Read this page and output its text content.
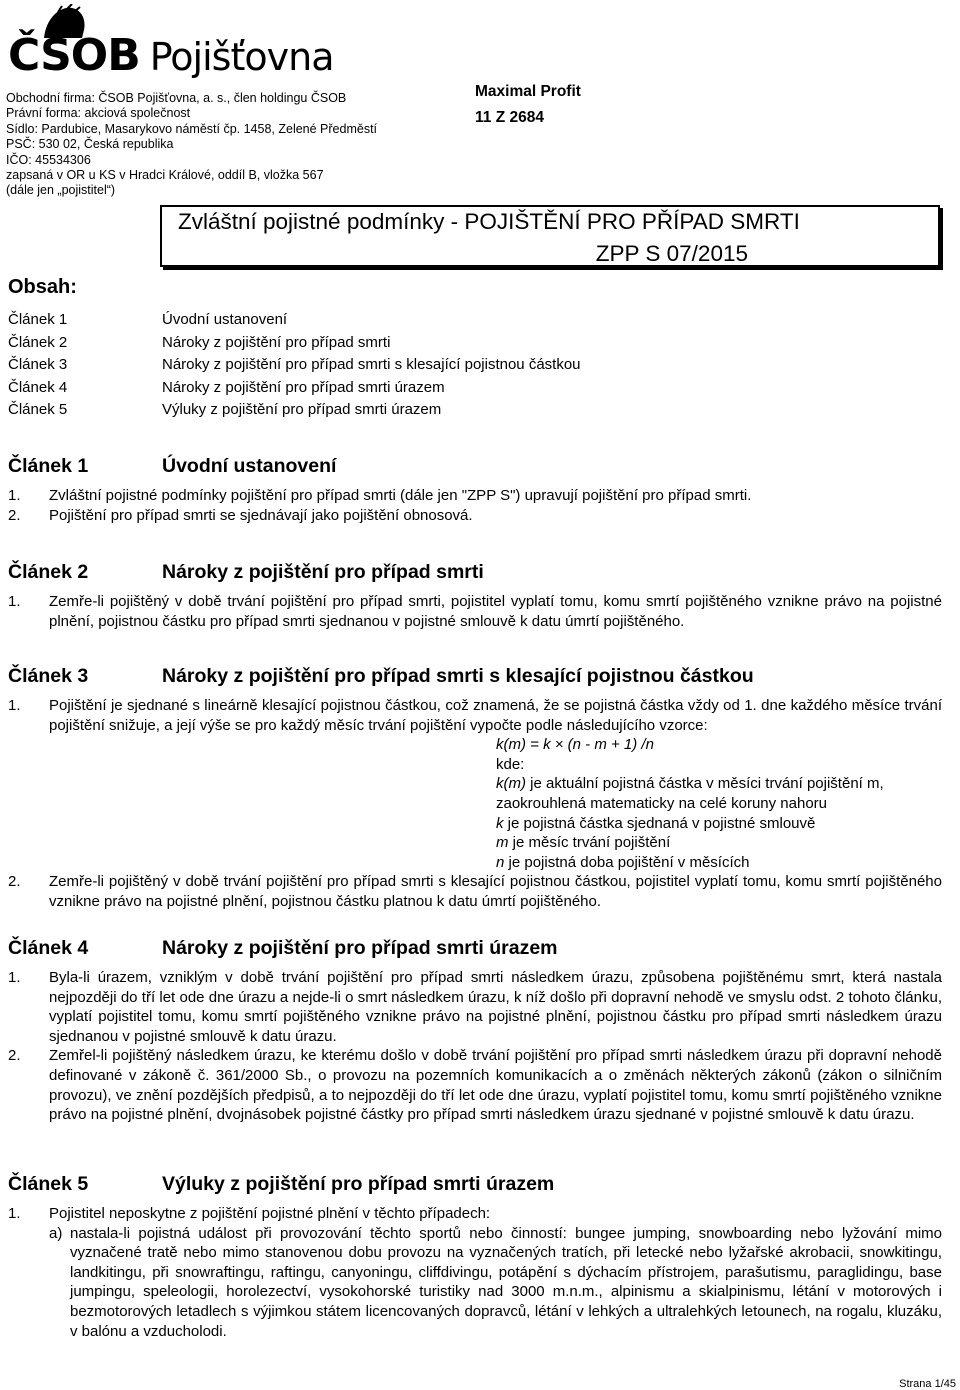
ČSOB Pojišťovna
Obchodní firma: ČSOB Pojišťovna, a. s., člen holdingu ČSOB
Právní forma: akciová společnost
Sídlo: Pardubice, Masarykovo náměstí čp. 1458, Zelené Předměstí
PSČ: 530 02, Česká republika
IČO: 45534306
zapsaná v OR u KS v Hradci Králové, oddíl B, vložka 567
(dále jen „pojistitel“)
Maximal Profit
11 Z 2684
Zvláštní pojistné podmínky - POJIŠTĚNÍ PRO PŘÍPAD SMRTI
ZPP S 07/2015
Obsah:
Článek 1	Úvodní ustanovení
Článek 2	Nároky z pojištění pro případ smrti
Článek 3	Nároky z pojištění pro případ smrti s klesající pojistnou částkou
Článek 4	Nároky z pojištění pro případ smrti úrazem
Článek 5	Výluky z pojištění pro případ smrti úrazem
Článek 1	Úvodní ustanovení
1. Zvláštní pojistné podmínky pojištění pro případ smrti (dále jen "ZPP S") upravují pojištění pro případ smrti.
2. Pojištění pro případ smrti se sjednávají jako pojištění obnosová.
Článek 2	Nároky z pojištění pro případ smrti
1. Zemře-li pojištěný v době trvání pojištění pro případ smrti, pojistitel vyplatí tomu, komu smrtí pojištěného vznikne právo na pojistné plnění, pojistnou částku pro případ smrti sjednanou v pojistné smlouvě k datu úmrtí pojištěného.
Článek 3	Nároky z pojištění pro případ smrti s klesající pojistnou částkou
1. Pojištění je sjednané s lineárně klesající pojistnou částkou, což znamená, že se pojistná částka vždy od 1. dne každého měsíce trvání pojištění snižuje, a její výše se pro každý měsíc trvání pojištění vypočte podle následujícího vzorce:
k(m) = k × (n - m + 1) /n
kde:
k(m) je aktuální pojistná částka v měsíci trvání pojištění m,
zaokrouhlená matematicky na celé koruny nahoru
k je pojistná částka sjednaná v pojistné smlouvě
m je měsíc trvání pojištění
n je pojistná doba pojištění v měsících
2. Zemře-li pojištěný v době trvání pojištění pro případ smrti s klesající pojistnou částkou, pojistitel vyplatí tomu, komu smrtí pojištěného vznikne právo na pojistné plnění, pojistnou částku platnou k datu úmrtí pojištěného.
Článek 4	Nároky z pojištění pro případ smrti úrazem
1. Byla-li úrazem, vzniklým v době trvání pojištění pro případ smrti následkem úrazu, způsobena pojištěnému smrt, která nastala nejpozději do tří let ode dne úrazu a nejde-li o smrt následkem úrazu, k níž došlo při dopravní nehodě ve smyslu odst. 2 tohoto článku, vyplatí pojistitel tomu, komu smrtí pojištěného vznikne právo na pojistné plnění, pojistnou částku pro případ smrti následkem úrazu sjednanou v pojistné smlouvě k datu úrazu.
2. Zemřel-li pojištěný následkem úrazu, ke kterému došlo v době trvání pojištění pro případ smrti následkem úrazu při dopravní nehodě definované v zákoně č. 361/2000 Sb., o provozu na pozemních komunikacích a o změnách některých zákonů (zákon o silničním provozu), ve znění pozdějších předpisů, a to nejpozději do tří let ode dne úrazu, vyplatí pojistitel tomu, komu smrtí pojištěného vznikne právo na pojistné plnění, dvojnásobek pojistné částky pro případ smrti následkem úrazu sjednané v pojistné smlouvě k datu úrazu.
Článek 5	Výluky z pojištění pro případ smrti úrazem
1. Pojistitel neposkytne z pojištění pojistné plnění v těchto případech:
a) nastala-li pojistná událost při provozování těchto sportů nebo činností: bungee jumping, snowboarding nebo lyžování mimo vyznačené tratě nebo mimo stanovenou dobu provozu na vyznačených tratích, při letecké nebo lyžařské akrobacii, snowkitingu, landkitingu, při snowraftingu, raftingu, canyoningu, cliffdivingu, potápění s dýchacím přístrojem, parašutismu, paraglidingu, base jumpingu, speleologii, horolezectví, vysokohorské turistiky nad 3000 m.n.m., alpinismu a skialpinismu, létání v motorových i bezmotorových letadlech s výjimkou státem licencovaných dopravců, létání v lehkých a ultralehkých letounech, na rogalu, kluzáku, v balónu a vzducholodi.
Strana 1/45
